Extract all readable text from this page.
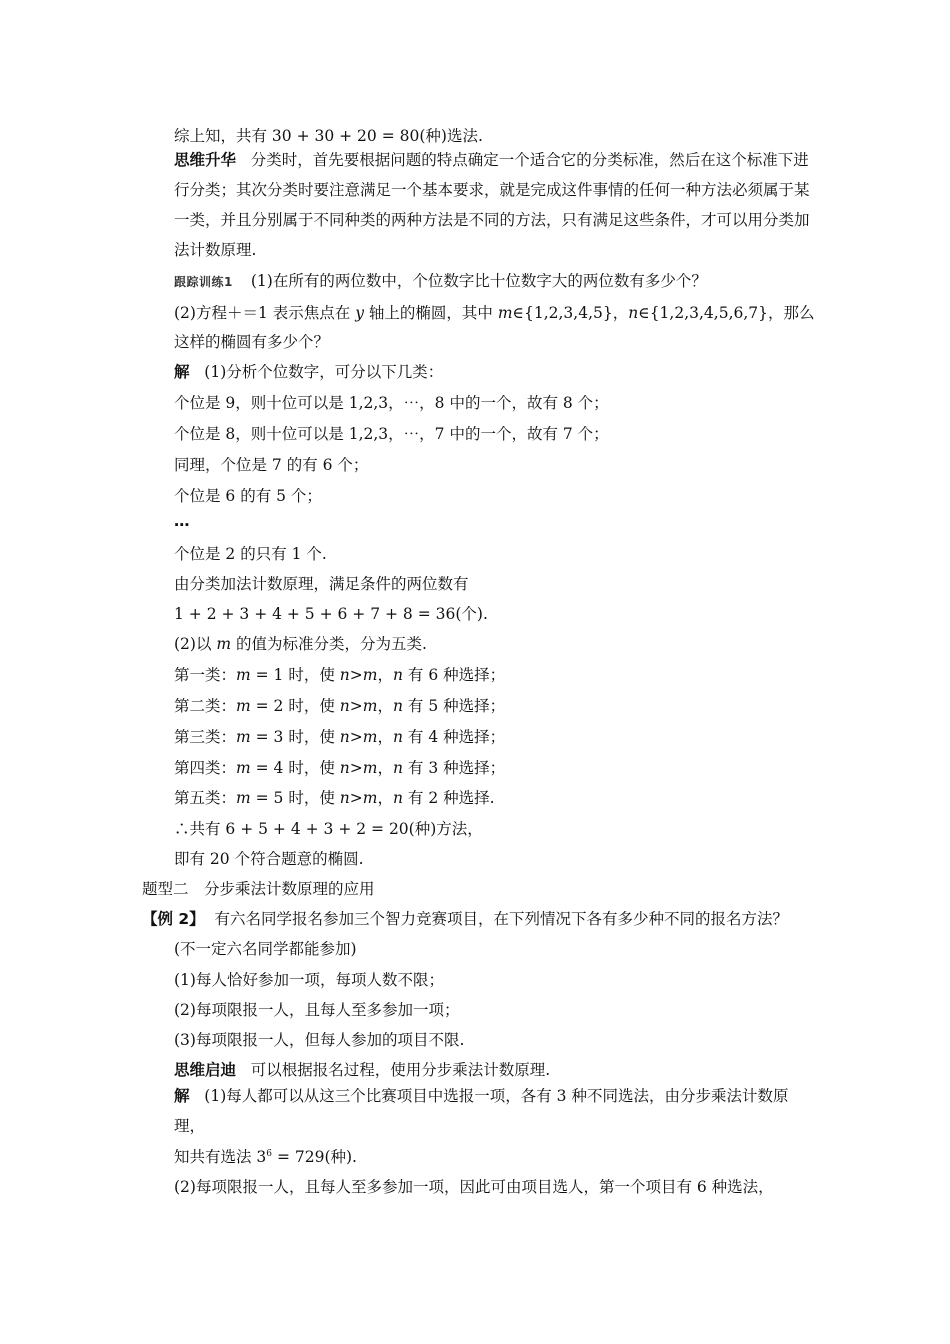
综上知，共有 30 + 30 + 20 = 80(种)选法.
思维升华 分类时，首先要根据问题的特点确定一个适合它的分类标准，然后在这个标准下进行分类；其次分类时要注意满足一个基本要求，就是完成这件事情的任何一种方法必须属于某一类，并且分别属于不同种类的两种方法是不同的方法，只有满足这些条件，才可以用分类加法计数原理.
跟踪训练1 (1)在所有的两位数中，个位数字比十位数字大的两位数有多少个？
(2)方程＋＝1 表示焦点在 y 轴上的椭圆，其中 m∈{1,2,3,4,5}，n∈{1,2,3,4,5,6,7}，那么
这样的椭圆有多少个？
解 (1)分析个位数字，可分以下几类：
个位是 9，则十位可以是 1,2,3，⋯，8 中的一个，故有 8 个；
个位是 8，则十位可以是 1,2,3，⋯，7 中的一个，故有 7 个；
同理，个位是 7 的有 6 个；
个位是 6 的有 5 个；
⋯
个位是 2 的只有 1 个.
由分类加法计数原理，满足条件的两位数有
1 + 2 + 3 + 4 + 5 + 6 + 7 + 8 = 36(个).
(2)以 m 的值为标准分类，分为五类.
第一类：m = 1 时，使 n>m，n 有 6 种选择；
第二类：m = 2 时，使 n>m，n 有 5 种选择；
第三类：m = 3 时，使 n>m，n 有 4 种选择；
第四类：m = 4 时，使 n>m，n 有 3 种选择；
第五类：m = 5 时，使 n>m，n 有 2 种选择.
∴共有 6 + 5 + 4 + 3 + 2 = 20(种)方法，
即有 20 个符合题意的椭圆.
题型二　分步乘法计数原理的应用
【例 2】 有六名同学报名参加三个智力竞赛项目，在下列情况下各有多少种不同的报名方法？
(不一定六名同学都能参加)
(1)每人恰好参加一项，每项人数不限；
(2)每项限报一人，且每人至多参加一项；
(3)每项限报一人，但每人参加的项目不限.
思维启迪 可以根据报名过程，使用分步乘法计数原理.
解 (1)每人都可以从这三个比赛项目中选报一项，各有 3 种不同选法，由分步乘法计数原理，
知共有选法 $3^6 = 729$(种).
(2)每项限报一人，且每人至多参加一项，因此可由项目选人，第一个项目有 6 种选法，
